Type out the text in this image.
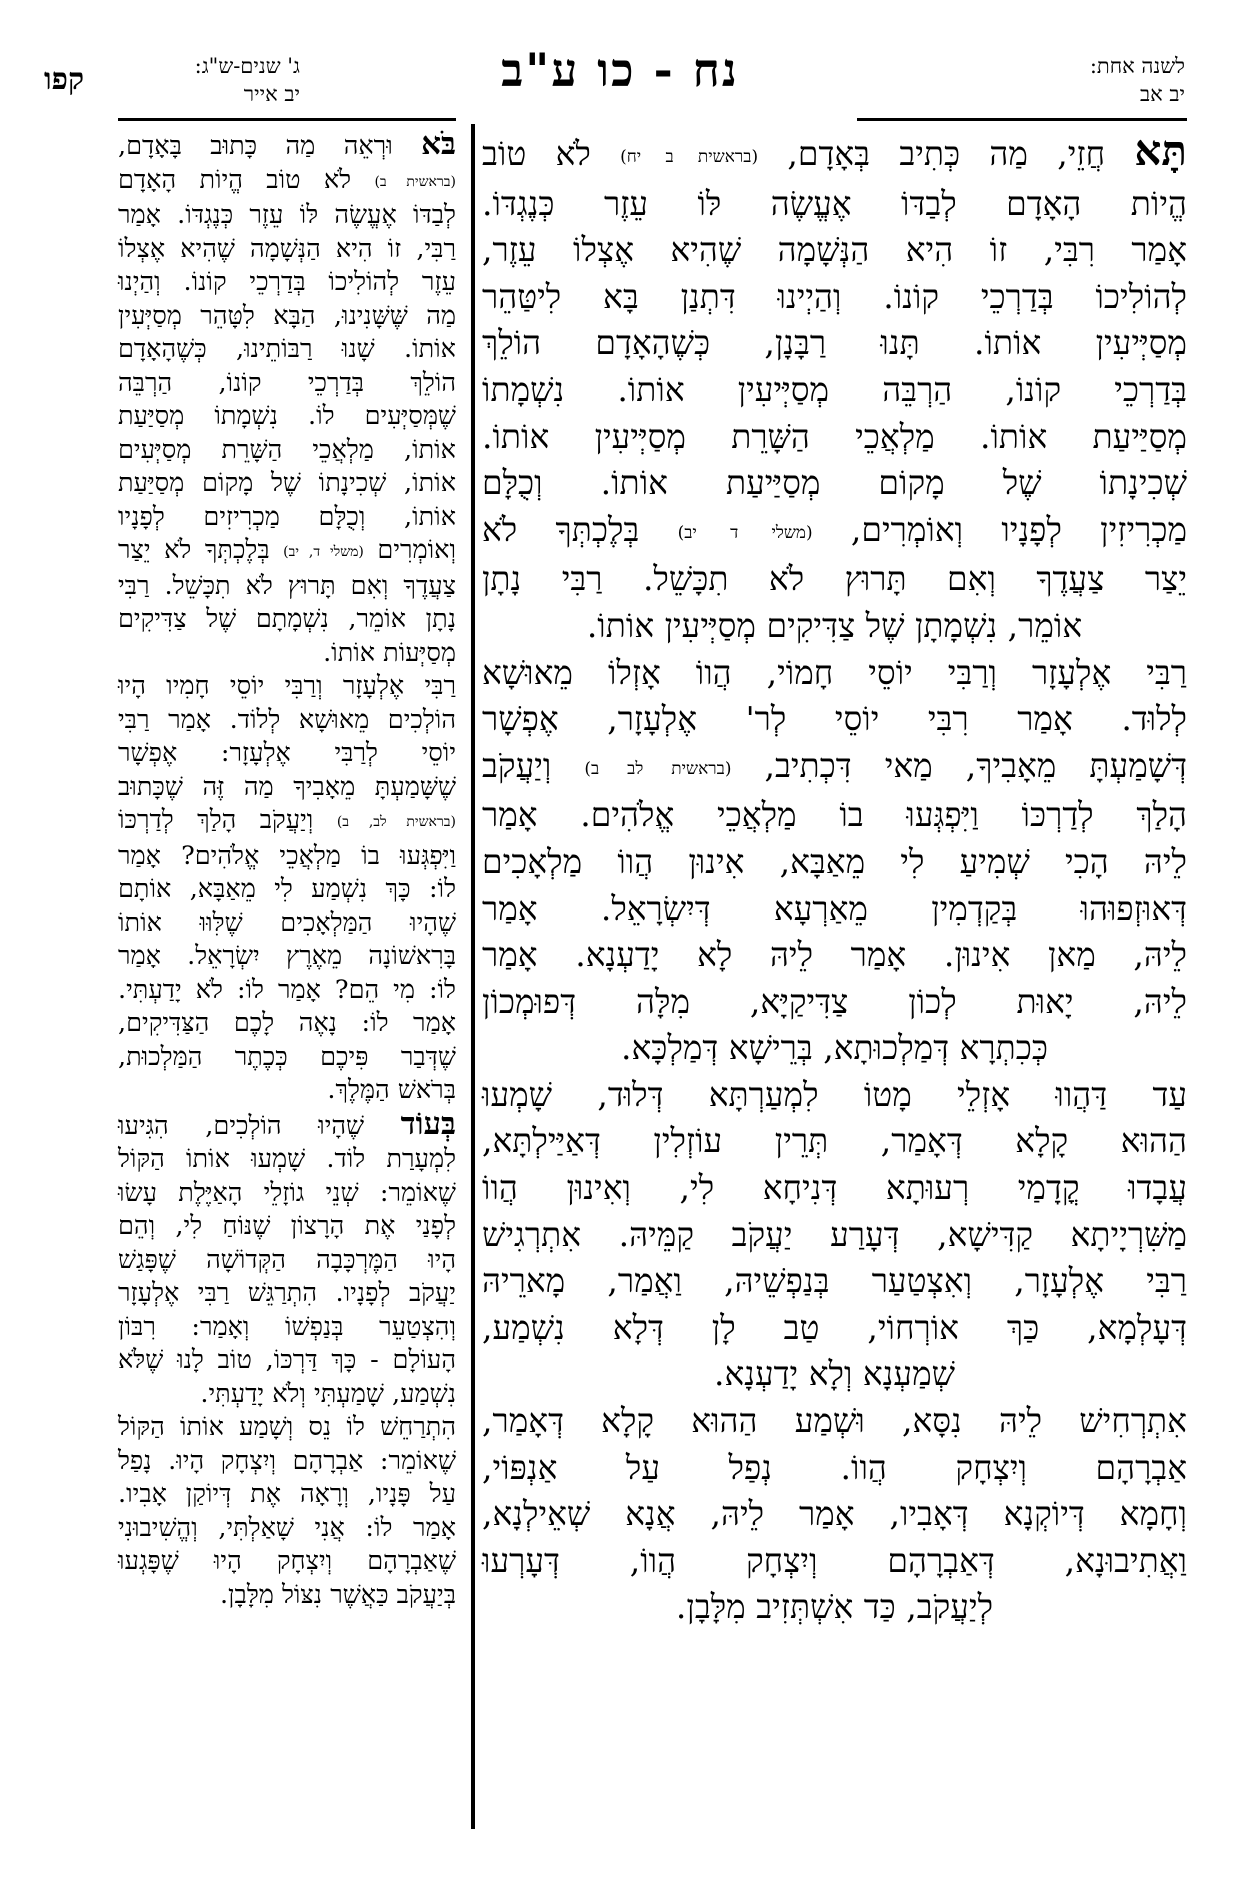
לשנה אחת:
יב אב
נח - כו ע"ב
ג' שנים-ש"ג:
יב אייר
קפו

תָּא חֲזֵי, מַה כְּתִיב בְּאָדָם, (בראשית ב יח) לֹא טוֹב

הֱיוֹת הָאָדָם לְבַדּוֹ אֶעֱשֶׂה לּוֹ עֵזֶר כְּנֶגְדּוֹ.

אָמַר רִבִּי, זוֹ הִיא הַנְּשָׁמָה שֶׁהִיא אֶצְלוֹ עֵזֶר,

לְהוֹלִיכוֹ בְּדַרְכֵי קוֹנוֹ. וְהַיְינוּ דִּתְנַן בָּא לִיטַּהֵר

מְסַיְּיעִין אוֹתוֹ. תָּנוּ רַבָּנָן, כְּשֶׁהָאָדָם הוֹלֵךְ

בְּדַרְכֵי קוֹנוֹ, הַרְבֵּה מְסַיְּיעִין אוֹתוֹ. נִשְׁמָתוֹ

מְסַיַּיעַת אוֹתוֹ. מַלְאֲכֵי הַשָּׁרֵת מְסַיְּיעִין אוֹתוֹ.

שְׁכִינָתוֹ שֶׁל מָקוֹם מְסַיַּיעַת אוֹתוֹ. וְכֻלָּם

מַכְרִיזִין לְפָנָיו וְאוֹמְרִים, (משלי ד יב) בְּלֶכְתְּךָ לֹא

יֵצַר צַעֲדֶךָ וְאִם תָּרוּץ לֹא תִכָּשֵׁל. רַבִּי נָתָן

אוֹמֵר, נִשְׁמָתָן שֶׁל צַדִּיקִים מְסַיְּיעִין אוֹתוֹ.

רַבִּי אֶלְעָזָר וְרַבִּי יוֹסֵי חָמוֹי, הֲווֹ אָזְלוֹ מֵאוּשָׁא

לְלוּד. אָמַר רִבִּי יוֹסֵי לְר' אֶלְעָזָר, אֶפְשָׁר

דְּשָׁמַעְתָּ מֵאָבִיךָ, מַאי דִּכְתִיב, (בראשית לב ב) וְיַעֲקֹב

הָלַךְ לְדַרְכּוֹ וַיִּפְגְּעוּ בוֹ מַלְאֲכֵי אֱלֹהִים. אָמַר

לֵיהּ הָכִי שְׁמִיעַ לִי מֵאַבָּא, אִינוּן הֲווֹ מַלְאָכִים

דְּאוּזְפוּהוּ בְּקַדְמִין מֵאַרְעָא דְּיִשְׂרָאֵל. אָמַר

לֵיהּ, מַאן אִינוּן. אָמַר לֵיהּ לָא יָדַעְנָא. אָמַר

לֵיהּ, יָאוּת לְכוֹן צַדִּיקַיָּא, מִלָּה דְּפוּמְכוֹן

כְּכִתְרָא דְּמַלְכוּתָא, בְּרֵישָׁא דְּמַלְכָּא.

עַד דַּהֲווּ אָזְלֵי מָטוֹ לִמְעַרְתָּא דְּלוּד, שָׁמְעוּ

הַהוּא קָלָא דְּאָמַר, תְּרֵין עוֹזְלִין דְּאַיַּילְתָּא,

עֲבָדוּ קֳדָמַי רְעוּתָא דְּנִיחָא לִי, וְאִינוּן הֲווֹ

מַשִּׁרְיָיתָא קַדִּישָׁא, דְּעָרַע יַעֲקֹב קַמֵּיהּ. אִתְרְגִישׁ

רַבִּי אֶלְעָזָר, וְאִצְטַעַר בְּנַפְשֵׁיהּ, וַאֲמַר, מָארֵיהּ

דְּעָלְמָא, כַּךְ אוֹרְחוֹי, טַב לָן דְּלָא נִשְׁמַע,

שְׁמַעְנָא וְלָא יָדַעְנָא.

אִתְרְחִישׁ לֵיהּ נִסָּא, וּשְׁמַע הַהוּא קָלָא דְּאָמַר,

אַבְרָהָם וְיִצְחָק הֲווֹ. נְפַל עַל אַנְפּוֹי,

וְחָמָא דְּיוֹקְנָא דְּאָבִיו, אָמַר לֵיהּ, אֲנָא שְׁאֵילְנָא,

וַאֲתִיבוּנָא, דְּאַבְרָהָם וְיִצְחָק הֲווֹ, דְּעָרְעוּ

לְיַעֲקֹב, כַּד אִשְׁתְּזִיב מִלָּבָן.

בֹּא וּרְאֵה מַה כָּתוּב בָּאָדָם,

(בראשית ב) לֹא טוֹב הֱיוֹת הָאָדָם

לְבַדּוֹ אֶעֱשֶׂה לּוֹ עֵזֶר כְּנֶגְדּוֹ. אָמַר

רַבִּי, זוֹ הִיא הַנְּשָׁמָה שֶׁהִיא אֶצְלוֹ

עֵזֶר לְהוֹלִיכוֹ בְּדַרְכֵי קוֹנוֹ. וְהַיְנוּ

מַה שֶּׁשָּׁנִינוּ, הַבָּא לִטָּהֵר מְסַיְּעִין

אוֹתוֹ. שָׁנוּ רַבּוֹתֵינוּ, כְּשֶׁהָאָדָם

הוֹלֵךְ בְּדַרְכֵי קוֹנוֹ, הַרְבֵּה

שֶׁמְּסַיְּעִים לוֹ. נִשְׁמָתוֹ מְסַיַּעַת

אוֹתוֹ, מַלְאֲכֵי הַשָּׁרֵת מְסַיְּעִים

אוֹתוֹ, שְׁכִינָתוֹ שֶׁל מָקוֹם מְסַיַּעַת

אוֹתוֹ, וְכֻלָּם מַכְרִיזִים לְפָנָיו

וְאוֹמְרִים (משלי ד, יב) בְּלֶכְתְּךָ לֹא יֵצַר

צַעֲדֶךָ וְאִם תָּרוּץ לֹא תִכָּשֵׁל. רַבִּי

נָתָן אוֹמֵר, נִשְׁמָתָם שֶׁל צַדִּיקִים

מְסַיְּעוֹת אוֹתוֹ.

רַבִּי אֶלְעָזָר וְרַבִּי יוֹסֵי חָמִיו הָיוּ

הוֹלְכִים מֵאוּשָׁא לְלוֹד. אָמַר רַבִּי

יוֹסֵי לְרַבִּי אֶלְעָזָר: אֶפְשָׁר

שֶׁשָּׁמַעְתָּ מֵאָבִיךָ מַה זֶּה שֶׁכָּתוּב

(בראשית לב, ב) וְיַעֲקֹב הָלַךְ לְדַרְכּוֹ

וַיִּפְגְּעוּ בוֹ מַלְאֲכֵי אֱלֹהִים? אָמַר

לוֹ: כָּךְ נִשְׁמַע לִי מֵאַבָּא, אוֹתָם

שֶׁהָיוּ הַמַּלְאָכִים שֶׁלִּוּוּ אוֹתוֹ

בָּרִאשׁוֹנָה מֵאֶרֶץ יִשְׂרָאֵל. אָמַר

לוֹ: מִי הֵם? אָמַר לוֹ: לֹא יָדַעְתִּי.

אָמַר לוֹ: נָאֶה לָכֶם הַצַּדִּיקִים,

שֶׁדְּבַר פִּיכֶם כְּכֶתֶר הַמַּלְכוּת,

בְּרֹאשׁ הַמֶּלֶךְ.

בְּעוֹד שֶׁהָיוּ הוֹלְכִים, הִגִּיעוּ

לִמְעָרַת לוֹד. שָׁמְעוּ אוֹתוֹ הַקּוֹל

שֶׁאוֹמֵר: שְׁנֵי גוֹזָלֵי הָאַיֶּלֶת עָשׂוּ

לְפָנַי אֶת הָרָצוֹן שֶׁנּוֹחַ לִי, וְהֵם

הָיוּ הַמֶּרְכָּבָה הַקְּדוֹשָׁה שֶׁפָּגַשׁ

יַעֲקֹב לְפָנָיו. הִתְרַגֵּשׁ רַבִּי אֶלְעָזָר

וְהִצְטַעֵר בְּנַפְשׁוֹ וְאָמַר: רִבּוֹן

הָעוֹלָם - כָּךְ דַּרְכּוֹ, טוֹב לָנוּ שֶׁלֹּא

נִשְׁמַע, שָׁמַעְתִּי וְלֹא יָדַעְתִּי.

הִתְרַחֵשׁ לוֹ נֵס וְשָׁמַע אוֹתוֹ הַקּוֹל

שֶׁאוֹמֵר: אַבְרָהָם וְיִצְחָק הָיוּ. נָפַל

עַל פָּנָיו, וְרָאָה אֶת דְּיוֹקַן אָבִיו.

אָמַר לוֹ: אֲנִי שָׁאַלְתִּי, וְהֱשִׁיבוּנִי

שֶׁאַבְרָהָם וְיִצְחָק הָיוּ שֶׁפָּגְעוּ

בְּיַעֲקֹב כַּאֲשֶׁר נִצּוֹל מִלָּבָן.
